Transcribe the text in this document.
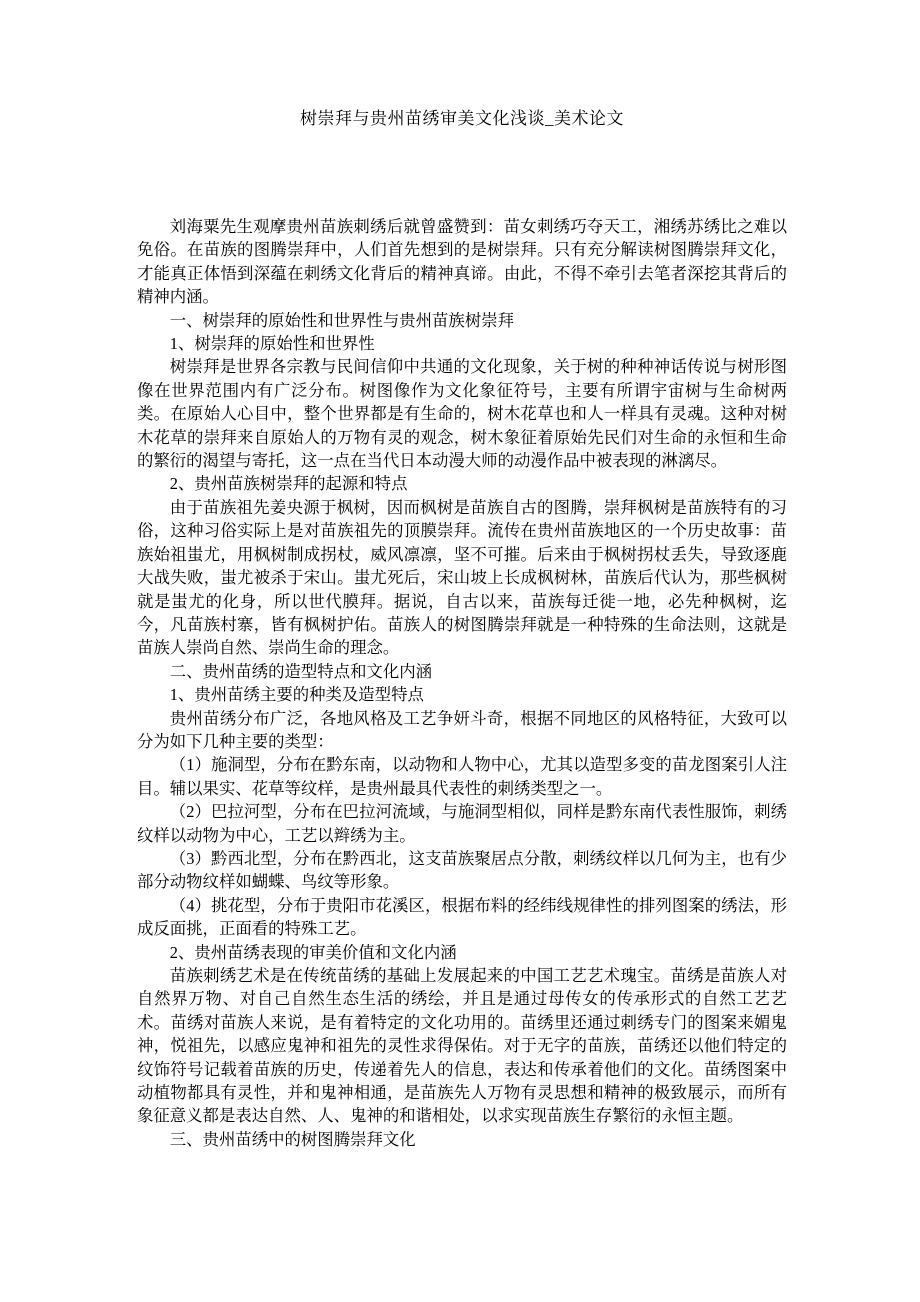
树崇拜与贵州苗绣审美文化浅谈_美术论文

刘海粟先生观摩贵州苗族刺绣后就曾盛赞到：苗女刺绣巧夺天工，湘绣苏绣比之难以免俗。在苗族的图腾崇拜中，人们首先想到的是树崇拜。只有充分解读树图腾崇拜文化，才能真正体悟到深蕴在刺绣文化背后的精神真谛。由此，不得不牵引去笔者深挖其背后的精神内涵。

一、树崇拜的原始性和世界性与贵州苗族树崇拜

1、树崇拜的原始性和世界性

树崇拜是世界各宗教与民间信仰中共通的文化现象，关于树的种种神话传说与树形图像在世界范围内有广泛分布。树图像作为文化象征符号，主要有所谓宇宙树与生命树两类。在原始人心目中，整个世界都是有生命的，树木花草也和人一样具有灵魂。这种对树木花草的崇拜来自原始人的万物有灵的观念，树木象征着原始先民们对生命的永恒和生命的繁衍的渴望与寄托，这一点在当代日本动漫大师的动漫作品中被表现的淋漓尽。

2、贵州苗族树崇拜的起源和特点

由于苗族祖先姜央源于枫树，因而枫树是苗族自古的图腾，崇拜枫树是苗族特有的习俗，这种习俗实际上是对苗族祖先的顶膜崇拜。流传在贵州苗族地区的一个历史故事：苗族始祖蚩尤，用枫树制成拐杖，威风凛凛，坚不可摧。后来由于枫树拐杖丢失，导致逐鹿大战失败，蚩尤被杀于宋山。蚩尤死后，宋山坡上长成枫树林，苗族后代认为，那些枫树就是蚩尤的化身，所以世代膜拜。据说，自古以来，苗族每迁徙一地，必先种枫树，迄今，凡苗族村寨，皆有枫树护佑。苗族人的树图腾崇拜就是一种特殊的生命法则，这就是苗族人崇尚自然、崇尚生命的理念。

二、贵州苗绣的造型特点和文化内涵

1、贵州苗绣主要的种类及造型特点

贵州苗绣分布广泛，各地风格及工艺争妍斗奇，根据不同地区的风格特征，大致可以分为如下几种主要的类型：

（1）施洞型，分布在黔东南，以动物和人物中心，尤其以造型多变的苗龙图案引人注目。辅以果实、花草等纹样，是贵州最具代表性的刺绣类型之一。

（2）巴拉河型，分布在巴拉河流域，与施洞型相似，同样是黔东南代表性服饰，刺绣纹样以动物为中心，工艺以辫绣为主。

（3）黔西北型，分布在黔西北，这支苗族聚居点分散，刺绣纹样以几何为主，也有少部分动物纹样如蝴蝶、鸟纹等形象。

（4）挑花型，分布于贵阳市花溪区，根据布料的经纬线规律性的排列图案的绣法，形成反面挑，正面看的特殊工艺。

2、贵州苗绣表现的审美价值和文化内涵

苗族刺绣艺术是在传统苗绣的基础上发展起来的中国工艺艺术瑰宝。苗绣是苗族人对自然界万物、对自己自然生态生活的绣绘，并且是通过母传女的传承形式的自然工艺艺术。苗绣对苗族人来说，是有着特定的文化功用的。苗绣里还通过刺绣专门的图案来媚鬼神，悦祖先，以感应鬼神和祖先的灵性求得保佑。对于无字的苗族，苗绣还以他们特定的纹饰符号记载着苗族的历史，传递着先人的信息，表达和传承着他们的文化。苗绣图案中动植物都具有灵性，并和鬼神相通，是苗族先人万物有灵思想和精神的极致展示，而所有象征意义都是表达自然、人、鬼神的和谐相处，以求实现苗族生存繁衍的永恒主题。

三、贵州苗绣中的树图腾崇拜文化
